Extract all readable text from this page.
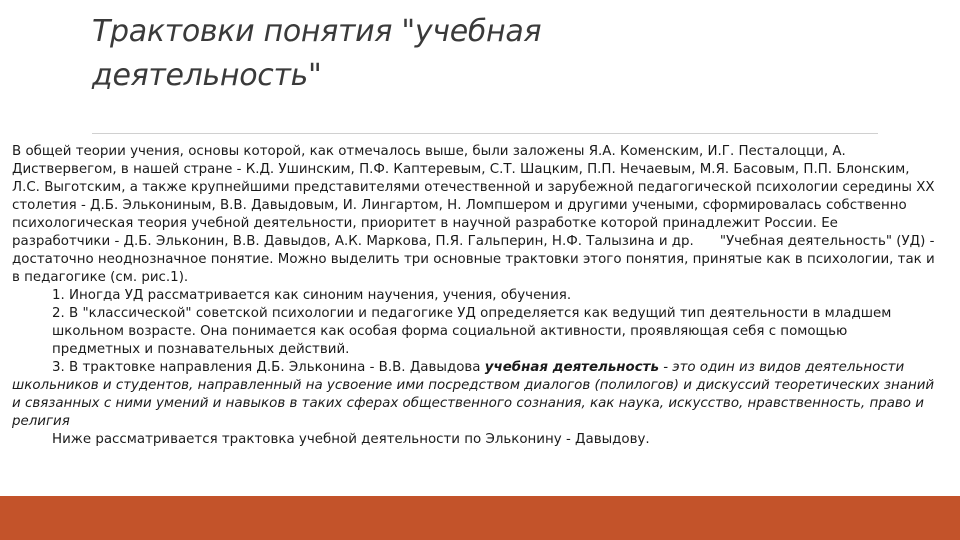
Трактовки понятия "учебная
деятельность"

В общей теории учения, основы которой, как отмечалось выше, были заложены Я.А. Коменским, И.Г. Песталоцци, А. Диствервегом, в нашей стране - К.Д. Ушинским, П.Ф. Каптеревым, С.Т. Шацким, П.П. Нечаевым, М.Я. Басовым, П.П. Блонским, Л.С. Выготским, а также крупнейшими представителями отечественной и зарубежной педагогической психологии середины XX столетия - Д.Б. Элькониным, В.В. Давыдовым, И. Лингартом, Н. Ломпшером и другими учеными, сформировалась собственно психологическая теория учебной деятельности, приоритет в научной разработке которой принадлежит России. Ее разработчики - Д.Б. Эльконин, В.В. Давыдов, А.К. Маркова, П.Я. Гальперин, Н.Ф. Талызина и др. "Учебная деятельность" (УД) - достаточно неоднозначное понятие. Можно выделить три основные трактовки этого понятия, принятые как в психологии, так и в педагогике (см. рис.1).

1. Иногда УД рассматривается как синоним научения, учения, обучения.

2. В "классической" советской психологии и педагогике УД определяется как ведущий тип деятельности в младшем школьном возрасте. Она понимается как особая форма социальной активности, проявляющая себя с помощью предметных и познавательных действий.

3. В трактовке направления Д.Б. Эльконина - В.В. Давыдова учебная деятельность - это один из видов деятельности школьников и студентов, направленный на усвоение ими посредством диалогов (полилогов) и дискуссий теоретических знаний и связанных с ними умений и навыков в таких сферах общественного сознания, как наука, искусство, нравственность, право и религия

Ниже рассматривается трактовка учебной деятельности по Эльконину - Давыдову.
